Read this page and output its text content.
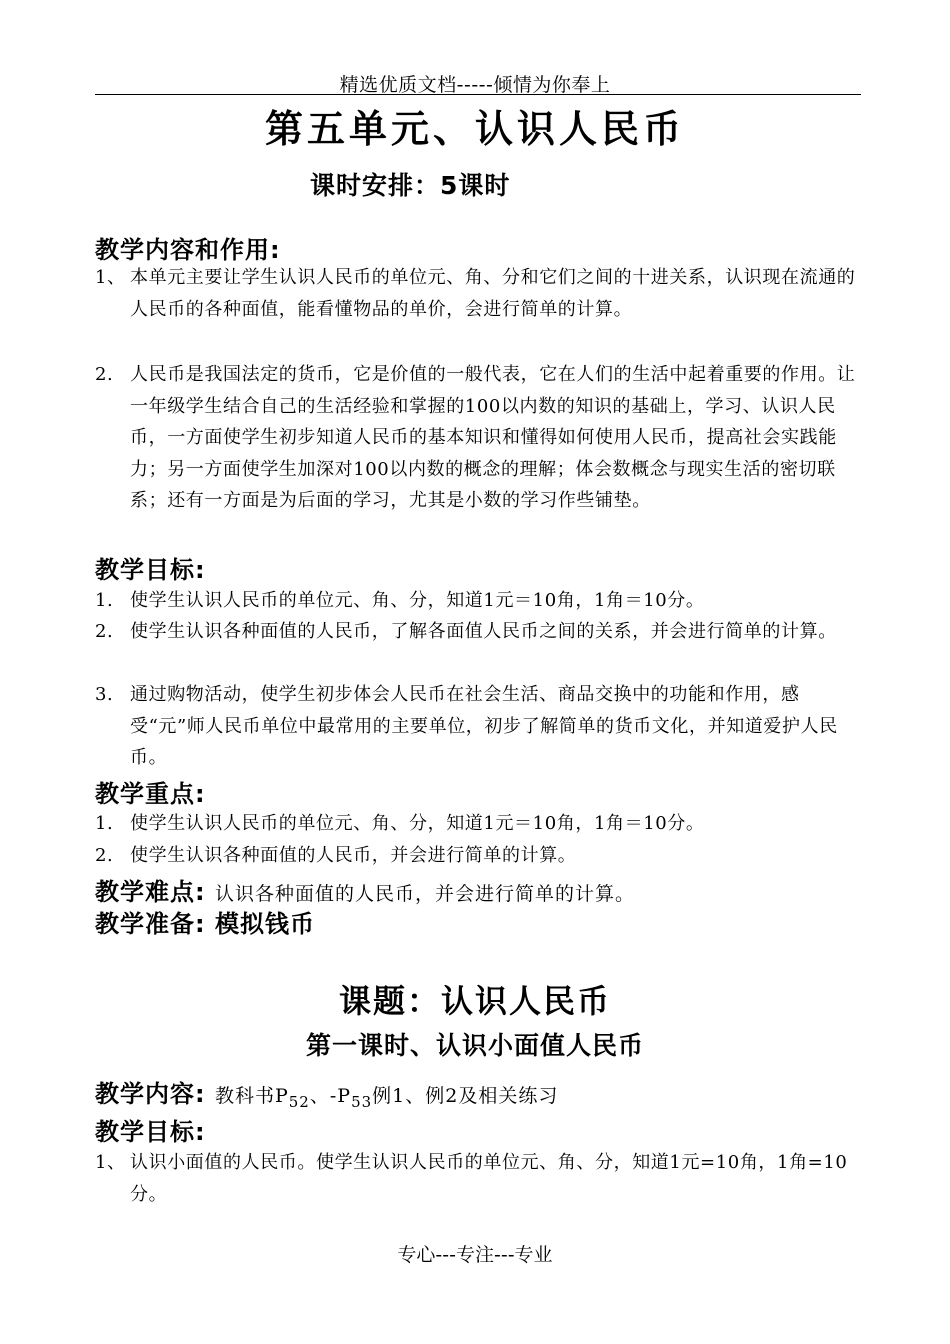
精选优质文档-----倾情为你奉上
第五单元、认识人民币
课时安排：5课时
教学内容和作用:
1、 本单元主要让学生认识人民币的单位元、角、分和它们之间的十进关系，认识现在流通的人民币的各种面值，能看懂物品的单价，会进行简单的计算。
2. 人民币是我国法定的货币，它是价值的一般代表，它在人们的生活中起着重要的作用。让一年级学生结合自己的生活经验和掌握的100以内数的知识的基础上，学习、认识人民币，一方面使学生初步知道人民币的基本知识和懂得如何使用人民币，提高社会实践能力；另一方面使学生加深对100以内数的概念的理解；体会数概念与现实生活的密切联系；还有一方面是为后面的学习，尤其是小数的学习作些铺垫。
教学目标:
1. 使学生认识人民币的单位元、角、分，知道1元＝10角，1角＝10分。
2. 使学生认识各种面值的人民币，了解各面值人民币之间的关系，并会进行简单的计算。
3. 通过购物活动，使学生初步体会人民币在社会生活、商品交换中的功能和作用，感受“元”师人民币单位中最常用的主要单位，初步了解简单的货币文化，并知道爱护人民币。
教学重点:
1. 使学生认识人民币的单位元、角、分，知道1元＝10角，1角＝10分。
2. 使学生认识各种面值的人民币，并会进行简单的计算。
教学难点: 认识各种面值的人民币，并会进行简单的计算。
教学准备: 模拟钱币
课题：认识人民币
第一课时、认识小面值人民币
教学内容: 教科书$P_{52}$、$-P_{53}$例1、例2及相关练习
教学目标:
1、 认识小面值的人民币。使学生认识人民币的单位元、角、分，知道1元=10角，1角=10分。
专心---专注---专业
